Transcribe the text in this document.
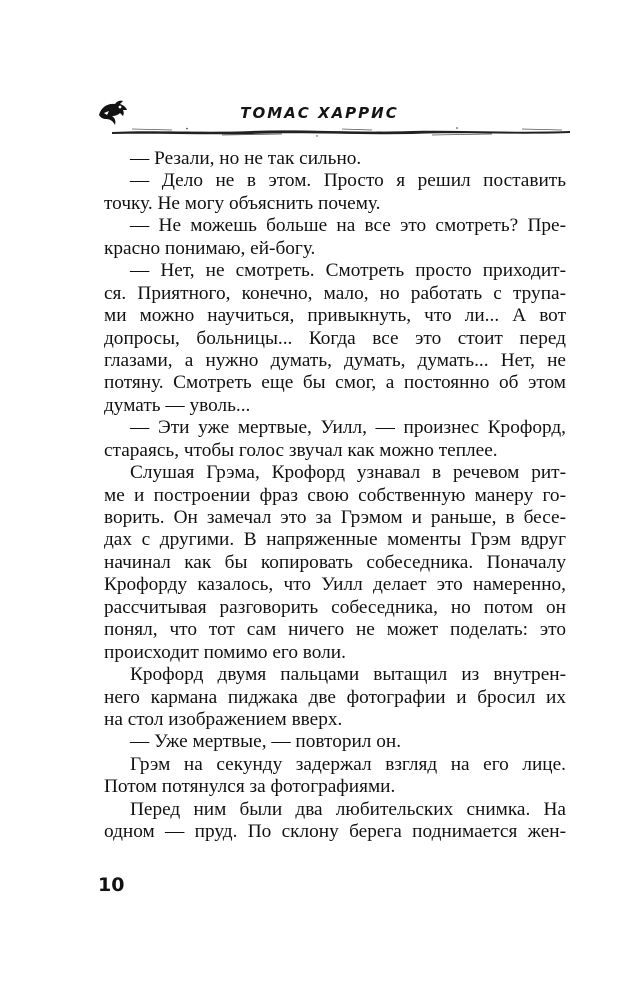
ТОМАС ХАРРИС
— Резали, но не так сильно.
— Дело не в этом. Просто я решил поставить
точку. Не могу объяснить почему.
— Не можешь больше на все это смотреть? Пре-
красно понимаю, ей-богу.
— Нет, не смотреть. Смотреть просто приходит-
ся. Приятного, конечно, мало, но работать с трупа-
ми можно научиться, привыкнуть, что ли... А вот
допросы, больницы... Когда все это стоит перед
глазами, а нужно думать, думать, думать... Нет, не
потяну. Смотреть еще бы смог, а постоянно об этом
думать — уволь...
— Эти уже мертвые, Уилл, — произнес Крофорд,
стараясь, чтобы голос звучал как можно теплее.
Слушая Грэма, Крофорд узнавал в речевом рит-
ме и построении фраз свою собственную манеру го-
ворить. Он замечал это за Грэмом и раньше, в бесе-
дах с другими. В напряженные моменты Грэм вдруг
начинал как бы копировать собеседника. Поначалу
Крофорду казалось, что Уилл делает это намеренно,
рассчитывая разговорить собеседника, но потом он
понял, что тот сам ничего не может поделать: это
происходит помимо его воли.
Крофорд двумя пальцами вытащил из внутрен-
него кармана пиджака две фотографии и бросил их
на стол изображением вверх.
— Уже мертвые, — повторил он.
Грэм на секунду задержал взгляд на его лице.
Потом потянулся за фотографиями.
Перед ним были два любительских снимка. На
одном — пруд. По склону берега поднимается жен-
10
